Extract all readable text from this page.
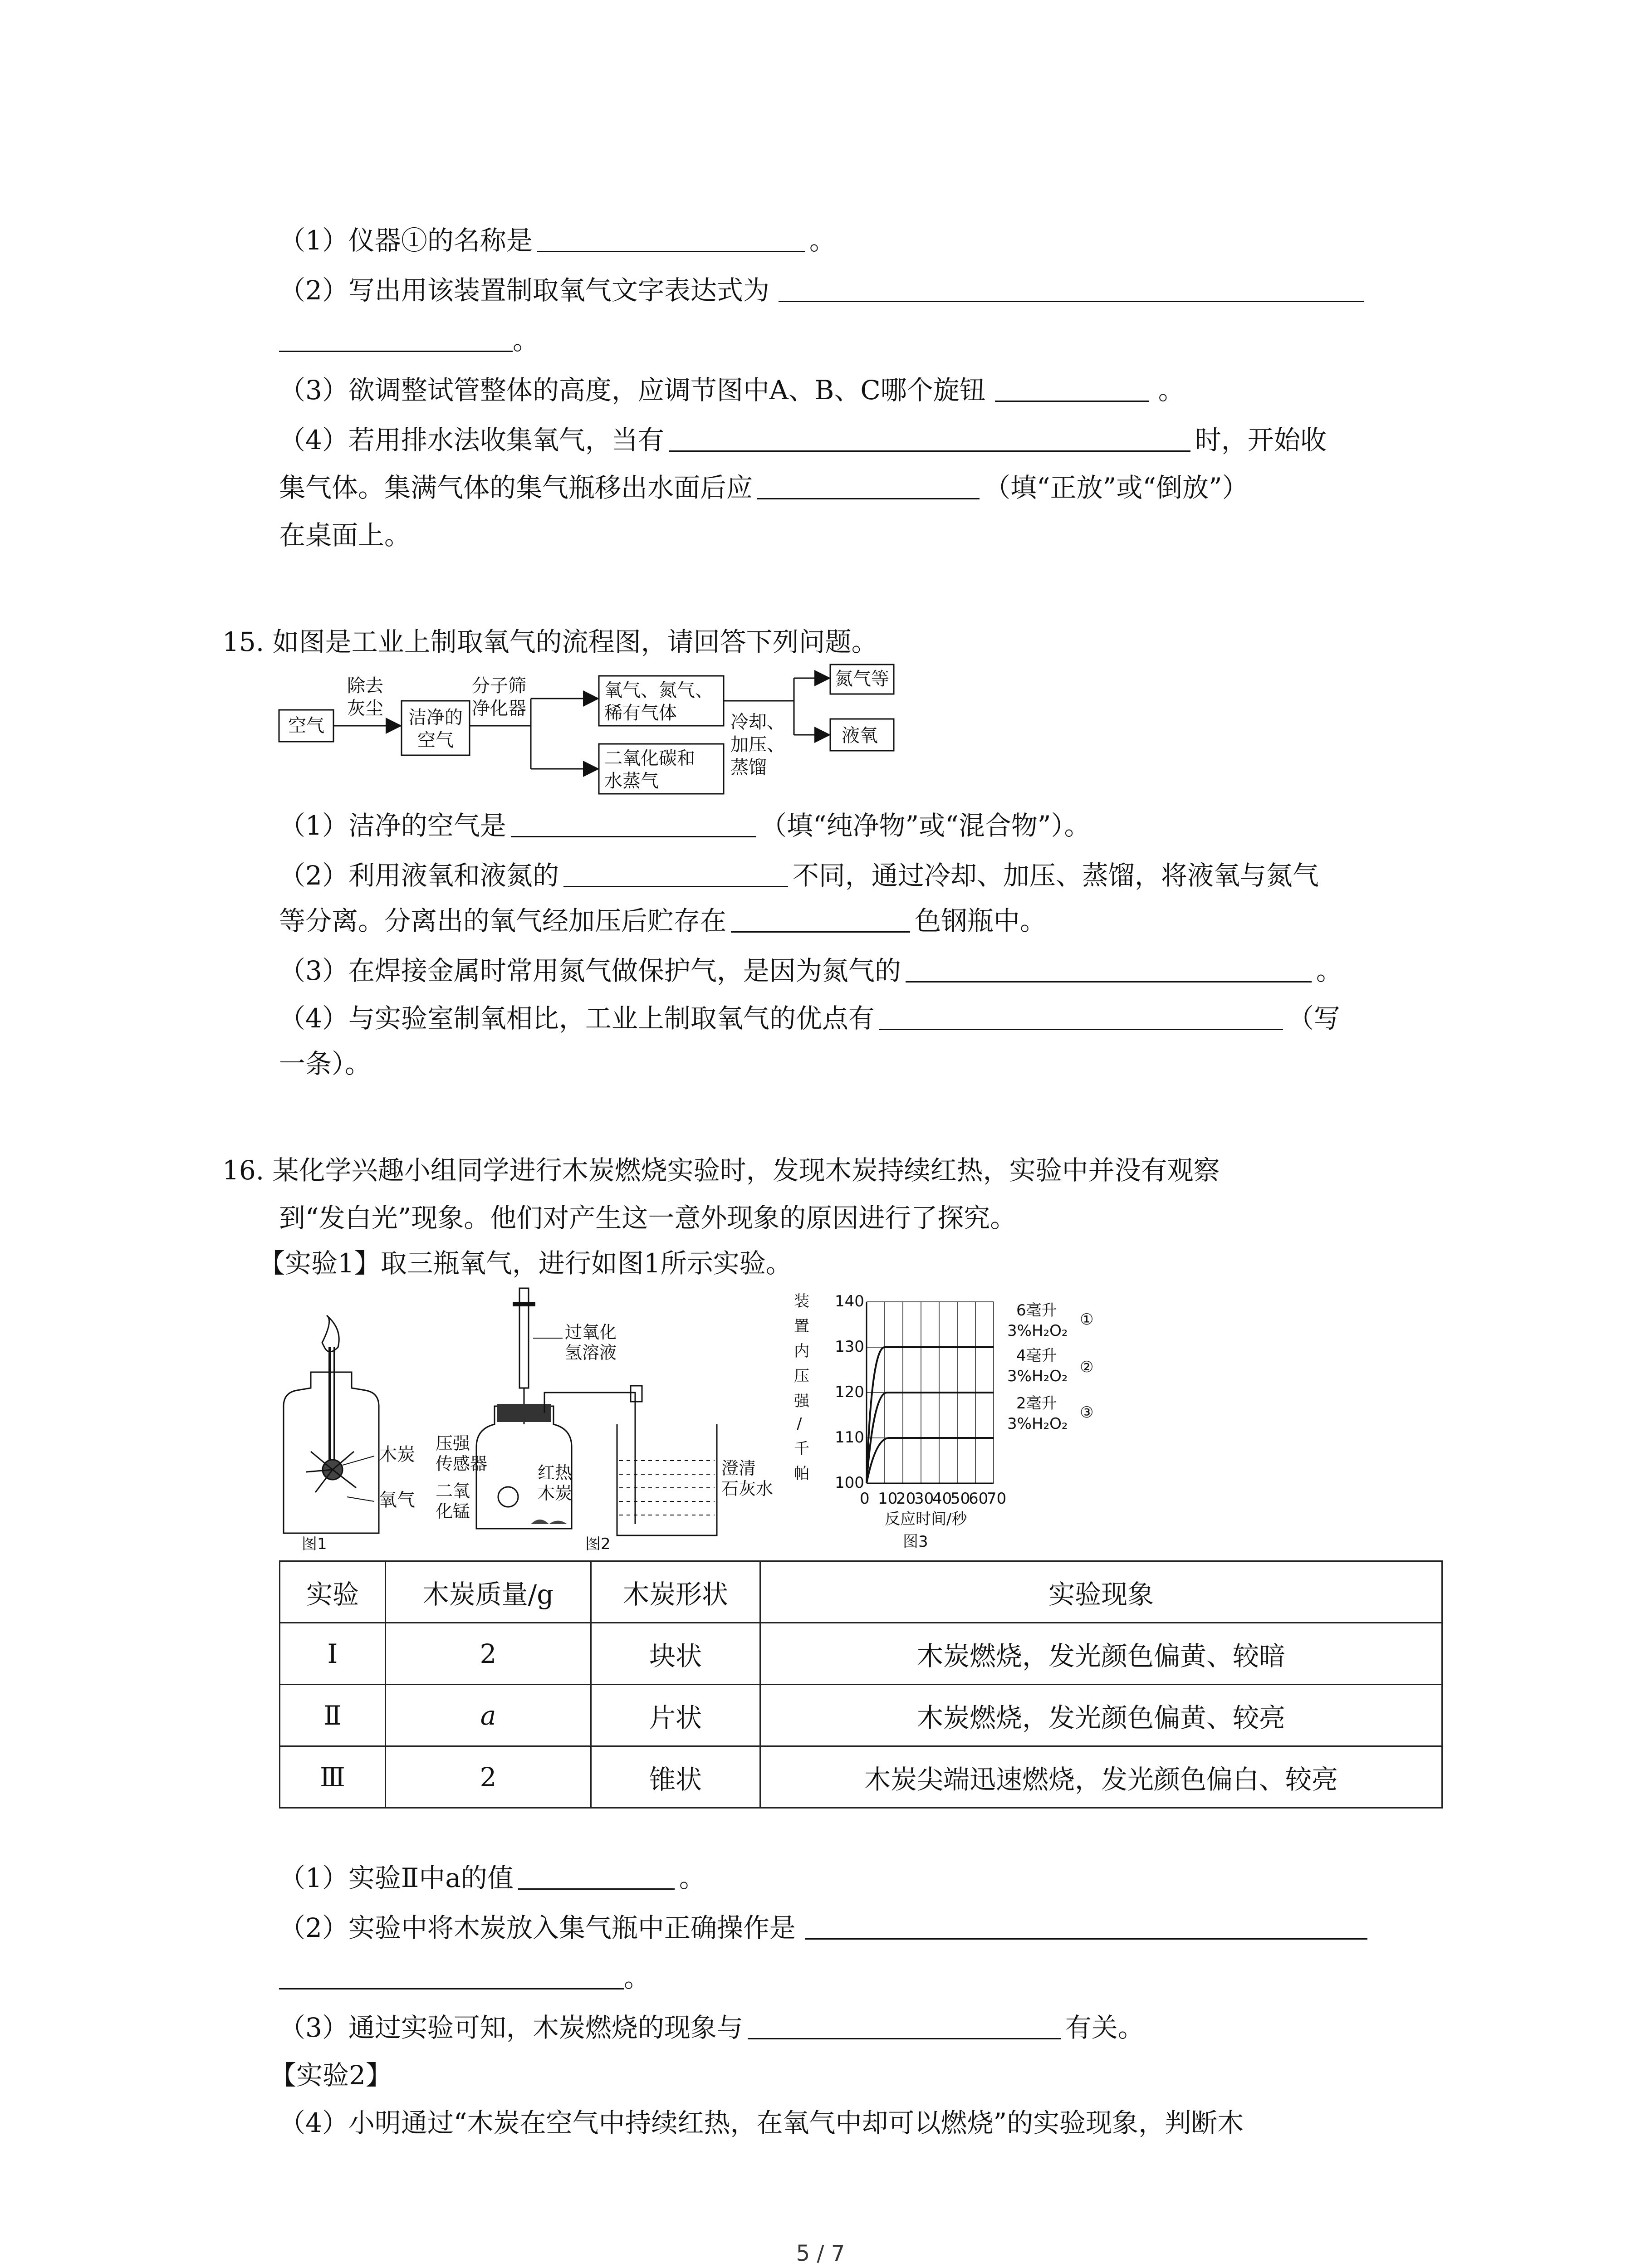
（1）仪器①的名称是	。
（2）写出用该装置制取氧气文字表达式为
。
（3）欲调整试管整体的高度，应调节图中A、B、C哪个旋钮	。
（4）若用排水法收集氧气，当有	时，开始收
集气体。集满气体的集气瓶移出水面后应	（填“正放”或“倒放”）
在桌面上。
15. 如图是工业上制取氧气的流程图，请回答下列问题。
空气
除去
灰尘 洁净的
空气
分子筛
净化器
氧气、氮气、
稀有气体
二氧化碳和
水蒸气
冷却、
加压、
蒸馏
氮气等
液氧
（1）洁净的空气是	（填“纯净物”或“混合物”）。
（2）利用液氧和液氮的	不同，通过冷却、加压、蒸馏，将液氧与氮气
等分离。分离出的氧气经加压后贮存在	色钢瓶中。
（3）在焊接金属时常用氮气做保护气，是因为氮气的	。
（4）与实验室制氧相比，工业上制取氧气的优点有	（写
一条）。
16. 某化学兴趣小组同学进行木炭燃烧实验时，发现木炭持续红热，实验中并没有观察
到“发白光”现象。他们对产生这一意外现象的原因进行了探究。
【实验1】取三瓶氧气，进行如图1所示实验。
木炭
氧气
图1
过氧化
氢溶液
压强
传感器
二氧
化锰
红热
木炭
澄清
石灰水
图2
装
置
内
压
强
/
千
帕
140
130
120
110
100
0 10
20
30
40
50
60
70
反应时间/秒
6毫升
3%H₂O₂
①
4毫升
3%H₂O₂ ②
2毫升
3%H₂O₂
③
图3
实验	木炭质量/g	木炭形状	实验现象
Ⅰ	2	块状	木炭燃烧，发光颜色偏黄、较暗
Ⅱ	a	片状	木炭燃烧，发光颜色偏黄、较亮
Ⅲ	2	锥状	木炭尖端迅速燃烧，发光颜色偏白、较亮
（1）实验Ⅱ中a的值	。
（2）实验中将木炭放入集气瓶中正确操作是
。
（3）通过实验可知，木炭燃烧的现象与	有关。
【实验2】
（4）小明通过“木炭在空气中持续红热，在氧气中却可以燃烧”的实验现象，判断木
5 / 7
